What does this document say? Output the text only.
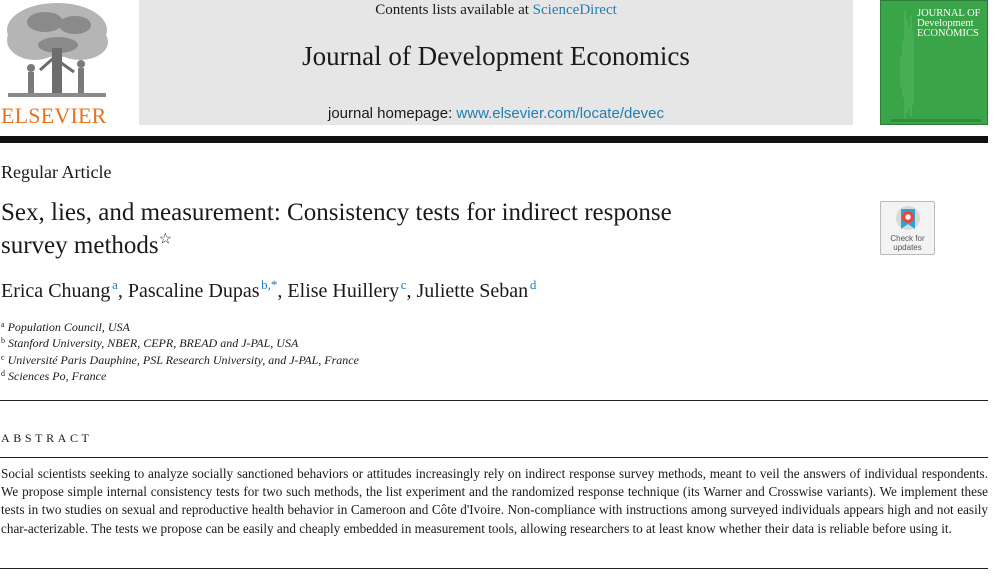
ELSEVIER
Contents lists available at ScienceDirect
Journal of Development Economics
journal homepage: www.elsevier.com/locate/devec
JOURNAL OF
Development
ECONOMICS
Regular Article
Sex, lies, and measurement: Consistency tests for indirect response
survey methods☆	Check for
updates
Erica Chuang  $^a$, Pascaline Dupas  $^{b,*}$, Elise Huillery  $^c$, Juliette Seban  $^d$
$^a$ Population Council, USA
$^b$ Stanford University, NBER, CEPR, BREAD and J-PAL, USA
$^c$ Université Paris Dauphine, PSL Research University, and J-PAL, France
$^d$ Sciences Po, France
ABSTRACT
Social scientists seeking to analyze socially sanctioned behaviors or attitudes increasingly rely on indirect response survey methods, meant to veil the answers of individual respondents. We propose simple internal consistency tests for two such methods, the list experiment and the randomized response technique (its Warner and Crosswise variants). We implement these tests in two studies on sexual and reproductive health behavior in Cameroon and Côte d'Ivoire. Non-compliance with instructions among surveyed individuals appears high and not easily char-acterizable. The tests we propose can be easily and cheaply embedded in measurement tools, allowing researchers to at least know whether their data is reliable before using it.
